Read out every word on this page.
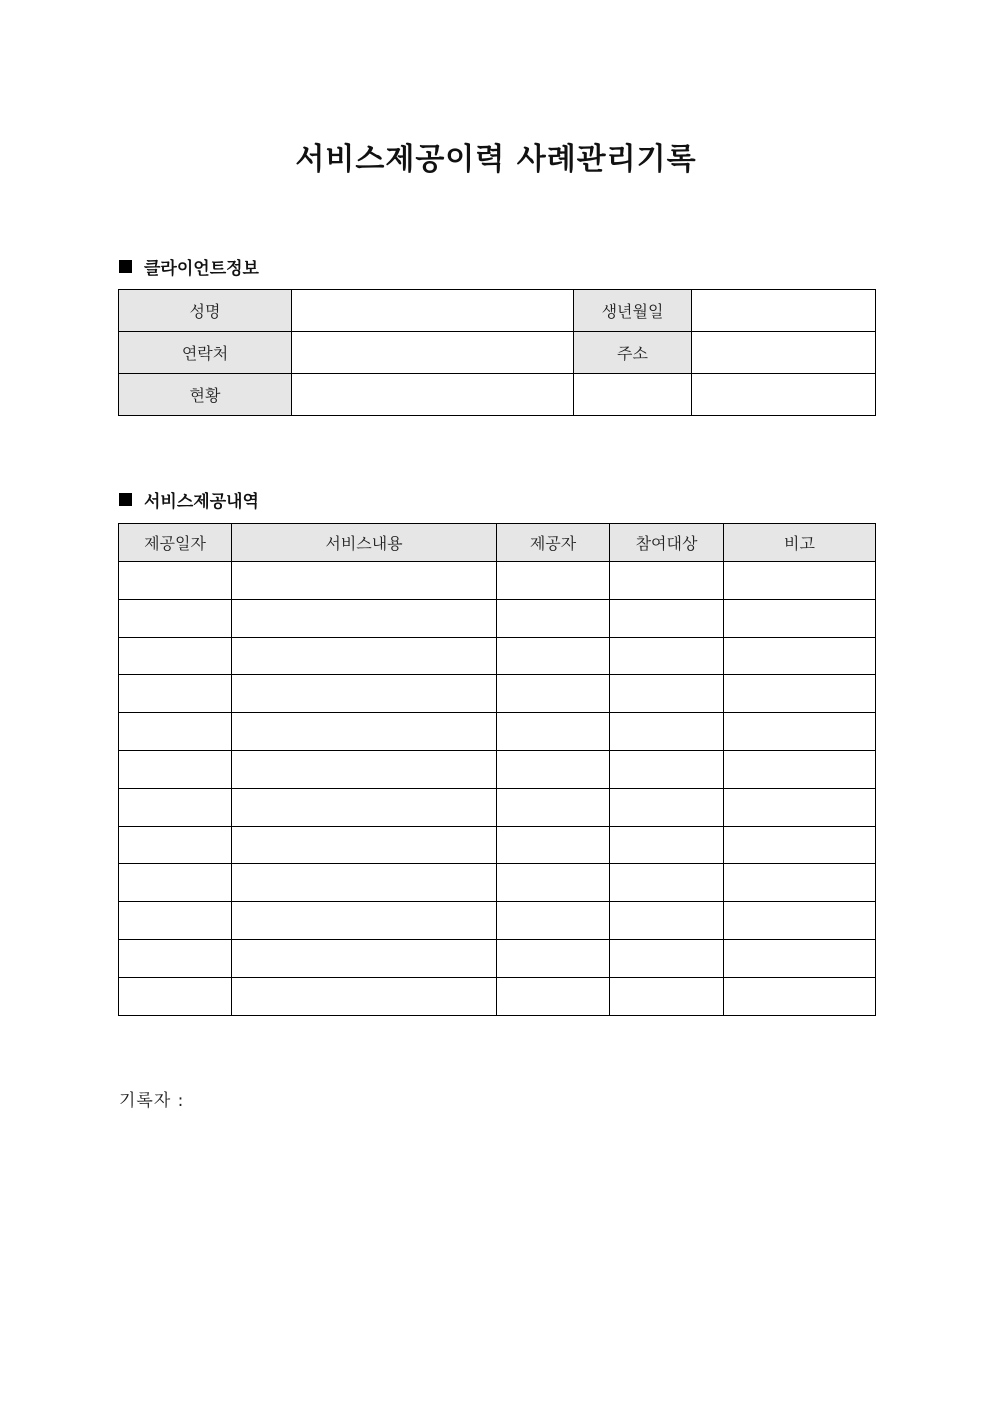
서비스제공이력 사례관리기록
클라이언트정보
성명		생년월일	
연락처		주소	
현황			
서비스제공내역
제공일자	서비스내용	제공자	참여대상	비고

기록자 :
